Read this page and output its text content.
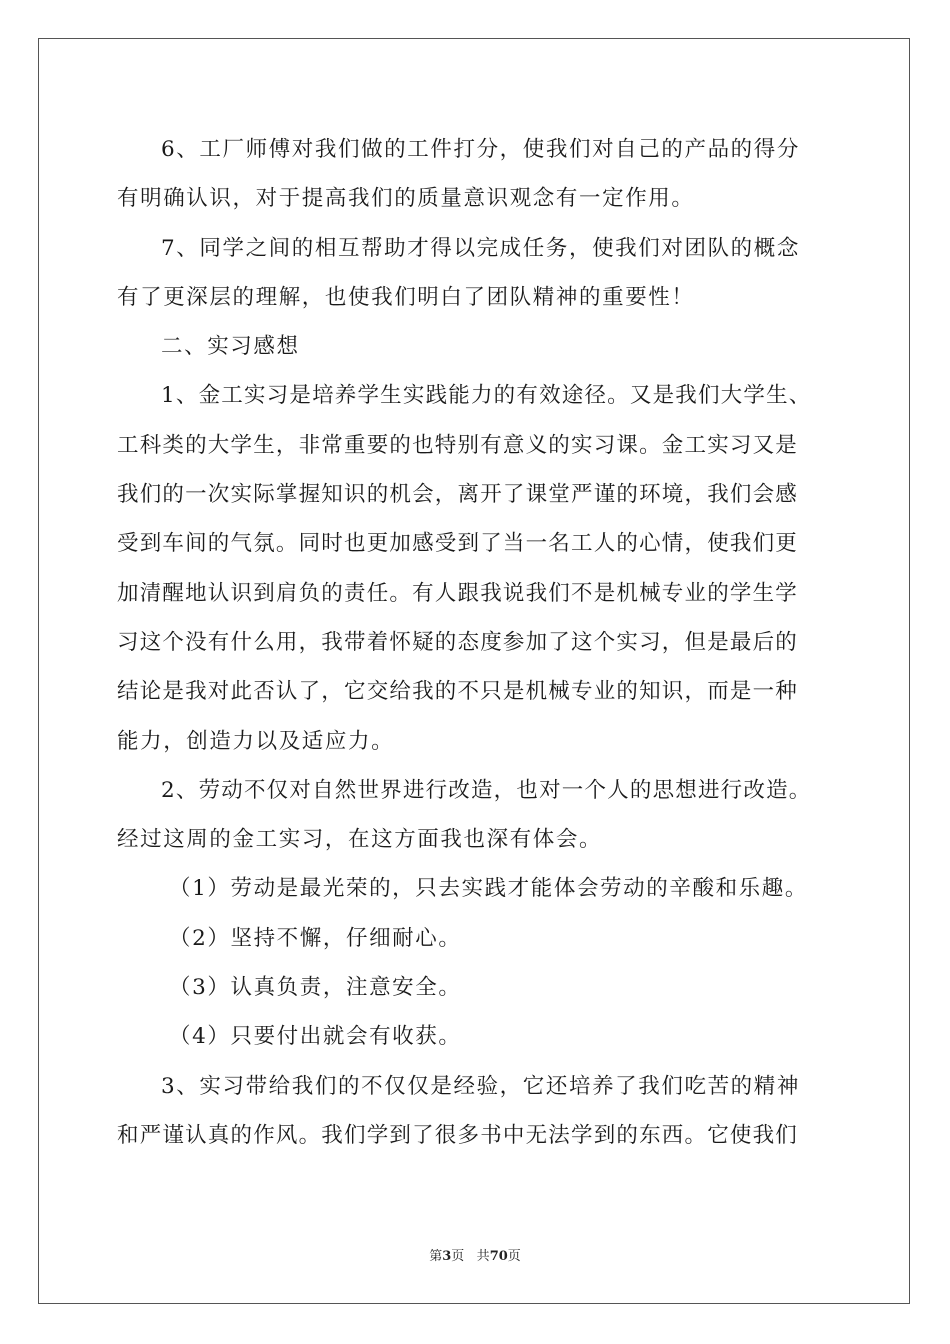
6、工厂师傅对我们做的工件打分，使我们对自己的产品的得分
有明确认识，对于提高我们的质量意识观念有一定作用。
7、同学之间的相互帮助才得以完成任务，使我们对团队的概念
有了更深层的理解，也使我们明白了团队精神的重要性！
二、实习感想
1、金工实习是培养学生实践能力的有效途径。又是我们大学生、
工科类的大学生，非常重要的也特别有意义的实习课。金工实习又是
我们的一次实际掌握知识的机会，离开了课堂严谨的环境，我们会感
受到车间的气氛。同时也更加感受到了当一名工人的心情，使我们更
加清醒地认识到肩负的责任。有人跟我说我们不是机械专业的学生学
习这个没有什么用，我带着怀疑的态度参加了这个实习，但是最后的
结论是我对此否认了，它交给我的不只是机械专业的知识，而是一种
能力，创造力以及适应力。
2、劳动不仅对自然世界进行改造，也对一个人的思想进行改造。
经过这周的金工实习，在这方面我也深有体会。
（1）劳动是最光荣的，只去实践才能体会劳动的辛酸和乐趣。
（2）坚持不懈，仔细耐心。
（3）认真负责，注意安全。
（4）只要付出就会有收获。
3、实习带给我们的不仅仅是经验，它还培养了我们吃苦的精神
和严谨认真的作风。我们学到了很多书中无法学到的东西。它使我们
第3页 共70页
